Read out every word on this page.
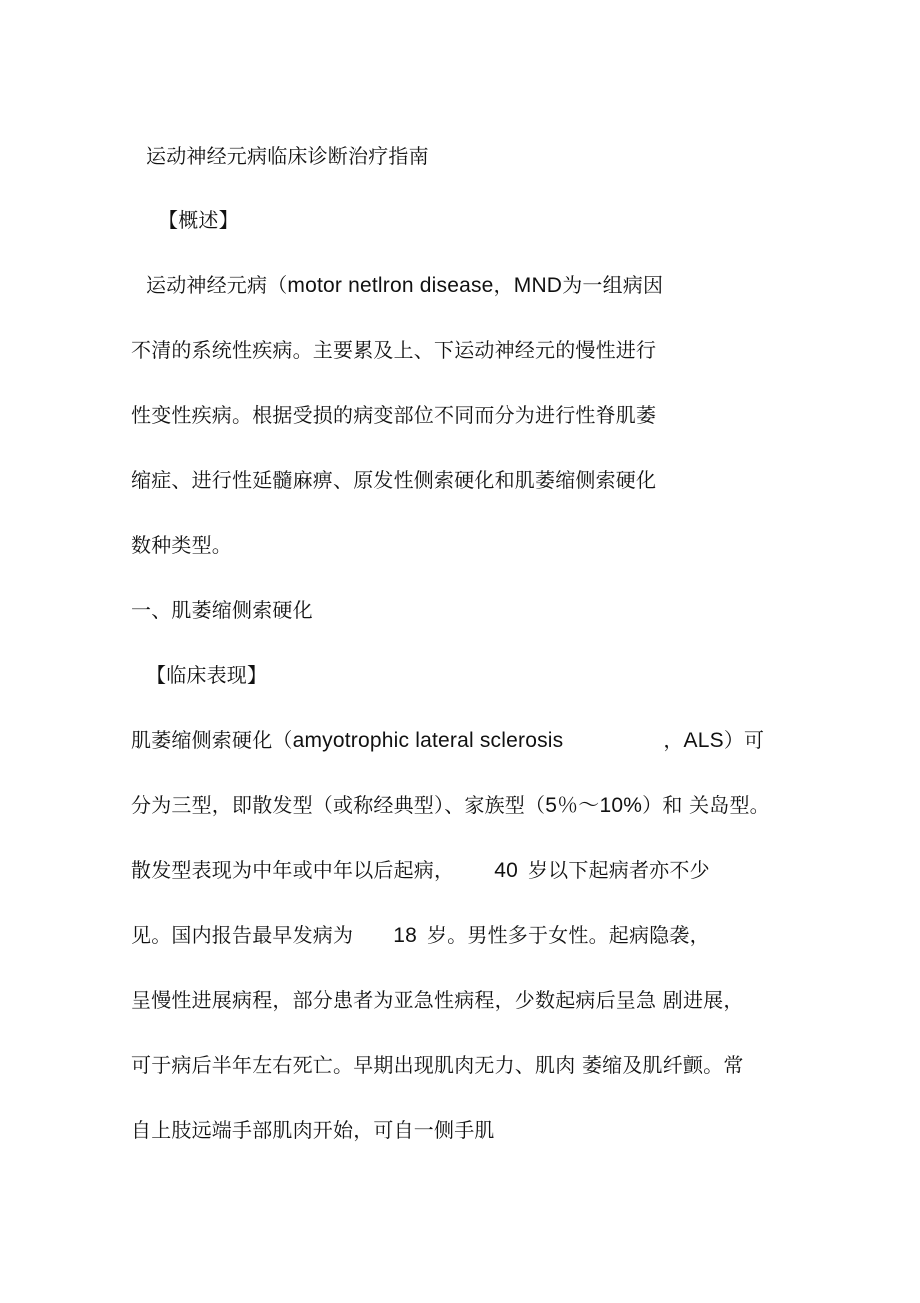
运动神经元病临床诊断治疗指南
【概述】
运动神经元病（motor netlron disease，MND为一组病因
不清的系统性疾病。主要累及上、下运动神经元的慢性进行
性变性疾病。根据受损的病变部位不同而分为进行性脊肌萎
缩症、进行性延髓麻痹、原发性侧索硬化和肌萎缩侧索硬化
数种类型。
一、肌萎缩侧索硬化
【临床表现】
肌萎缩侧索硬化（amyotrophic lateral sclerosis	，ALS）可
分为三型，即散发型（或称经典型）、家族型（5％～10%）和 关岛型。
散发型表现为中年或中年以后起病， 40 岁以下起病者亦不少
见。国内报告最早发病为 18 岁。男性多于女性。起病隐袭，
呈慢性进展病程，部分患者为亚急性病程，少数起病后呈急 剧进展，
可于病后半年左右死亡。早期出现肌肉无力、肌肉 萎缩及肌纤颤。常
自上肢远端手部肌肉开始，可自一侧手肌
